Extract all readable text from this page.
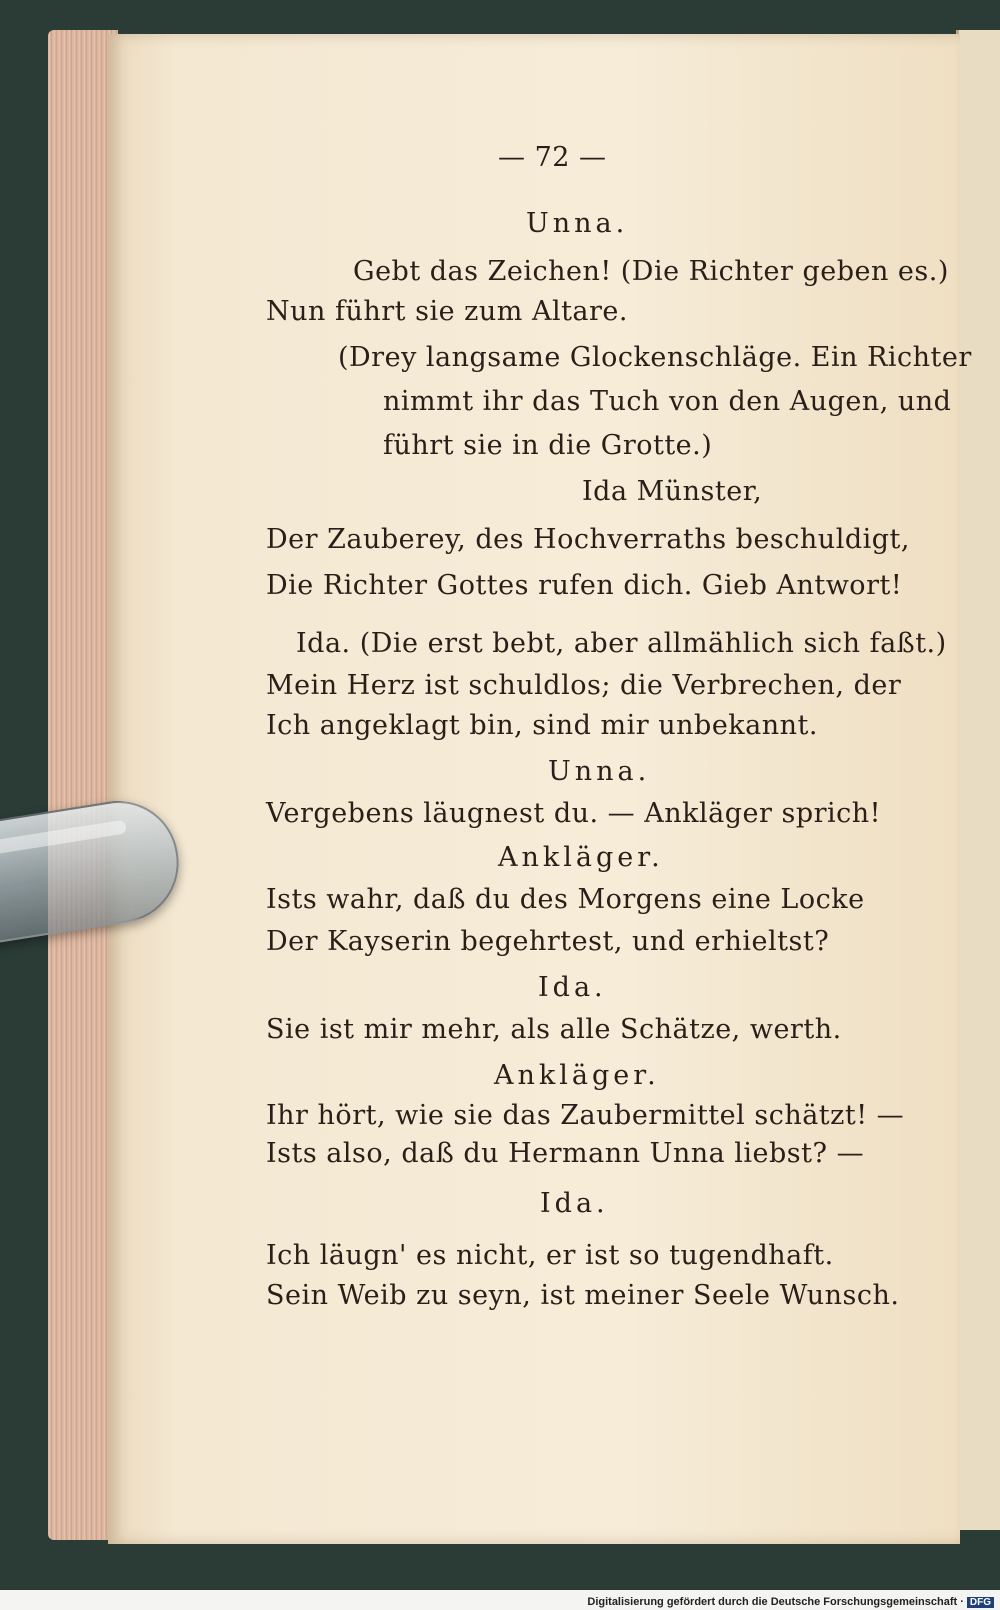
— 72 —
Unna.
Gebt das Zeichen! (Die Richter geben es.)
Nun führt sie zum Altare.
(Drey langsame Glockenschläge. Ein Richter
nimmt ihr das Tuch von den Augen, und
führt sie in die Grotte.)
Ida Münster,
Der Zauberey, des Hochverraths beschuldigt,
Die Richter Gottes rufen dich. Gieb Antwort!
Ida. (Die erst bebt, aber allmählich sich faßt.)
Mein Herz ist schuldlos; die Verbrechen, der
Ich angeklagt bin, sind mir unbekannt.
Unna.
Vergebens läugnest du. — Ankläger sprich!
Ankläger.
Ists wahr, daß du des Morgens eine Locke
Der Kayserin begehrtest, und erhieltst?
Ida.
Sie ist mir mehr, als alle Schätze, werth.
Ankläger.
Ihr hört, wie sie das Zaubermittel schätzt! —
Ists also, daß du Hermann Unna liebst? —
Ida.
Ich läugn' es nicht, er ist so tugendhaft.
Sein Weib zu seyn, ist meiner Seele Wunsch.
Digitalisierung gefördert durch die Deutsche Forschungsgemeinschaft · DFG
